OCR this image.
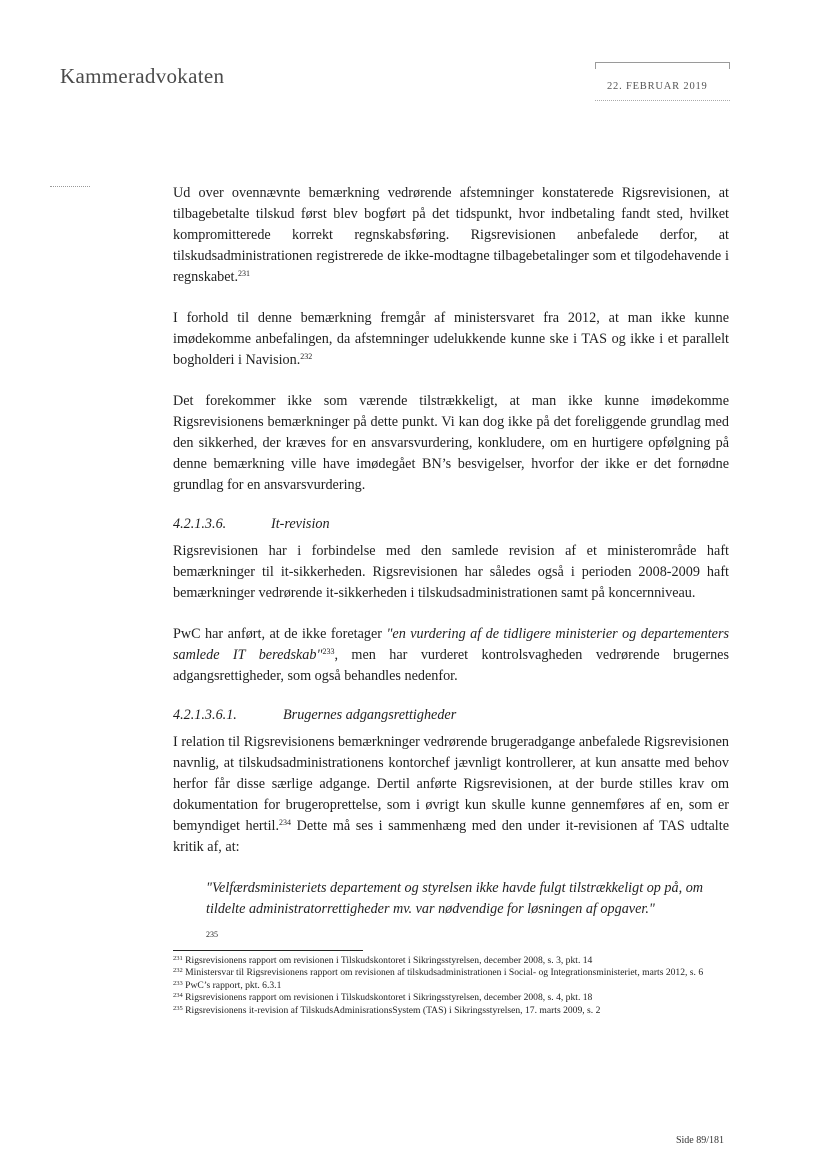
Kammeradvokaten	22. FEBRUAR 2019

Ud over ovennævnte bemærkning vedrørende afstemninger konstaterede Rigsrevisionen, at tilbagebetalte tilskud først blev bogført på det tidspunkt, hvor indbetaling fandt sted, hvilket kompromitterede korrekt regnskabsføring. Rigsrevisionen anbefalede derfor, at tilskudsadministrationen registrerede de ikke-modtagne tilbagebetalinger som et tilgodehavende i regnskabet.$^{231}$

I forhold til denne bemærkning fremgår af ministersvaret fra 2012, at man ikke kunne imødekomme anbefalingen, da afstemninger udelukkende kunne ske i TAS og ikke i et parallelt bogholderi i Navision.$^{232}$

Det forekommer ikke som værende tilstrækkeligt, at man ikke kunne imødekomme Rigsrevisionens bemærkninger på dette punkt. Vi kan dog ikke på det foreliggende grundlag med den sikkerhed, der kræves for en ansvarsvurdering, konkludere, om en hurtigere opfølgning på denne bemærkning ville have imødegået BN’s besvigelser, hvorfor der ikke er det fornødne grundlag for en ansvarsvurdering.

4.2.1.3.6.	It-revision

Rigsrevisionen har i forbindelse med den samlede revision af et ministerområde haft bemærkninger til it-sikkerheden. Rigsrevisionen har således også i perioden 2008-2009 haft bemærkninger vedrørende it-sikkerheden i tilskudsadministrationen samt på koncernniveau.

PwC har anført, at de ikke foretager "en vurdering af de tidligere ministerier og departementers samlede IT beredskab"$^{233}$, men har vurderet kontrolsvagheden vedrørende brugernes adgangsrettigheder, som også behandles nedenfor.

4.2.1.3.6.1.	Brugernes adgangsrettigheder

I relation til Rigsrevisionens bemærkninger vedrørende brugeradgange anbefalede Rigsrevisionen navnlig, at tilskudsadministrationens kontorchef jævnligt kontrollerer, at kun ansatte med behov herfor får disse særlige adgange. Dertil anførte Rigsrevisionen, at der burde stilles krav om dokumentation for brugeroprettelse, som i øvrigt kun skulle kunne gennemføres af en, som er bemyndiget hertil.$^{234}$ Dette må ses i sammenhæng med den under it-revisionen af TAS udtalte kritik af, at:

"Velfærdsministeriets departement og styrelsen ikke havde fulgt tilstrækkeligt op på, om tildelte administratorrettigheder mv. var nødvendige for løsningen af opgaver."
235
$^{231}$ Rigsrevisionens rapport om revisionen i Tilskudskontoret i Sikringsstyrelsen, december 2008, s. 3, pkt. 14
$^{232}$ Ministersvar til Rigsrevisionens rapport om revisionen af tilskudsadministrationen i Social- og Integrationsministeriet, marts 2012, s. 6
$^{233}$ PwC’s rapport, pkt. 6.3.1
$^{234}$ Rigsrevisionens rapport om revisionen i Tilskudskontoret i Sikringsstyrelsen, december 2008, s. 4, pkt. 18
$^{235}$ Rigsrevisionens it-revision af TilskudsAdminisrationsSystem (TAS) i Sikringsstyrelsen, 17. marts 2009, s. 2
Side 89/181
